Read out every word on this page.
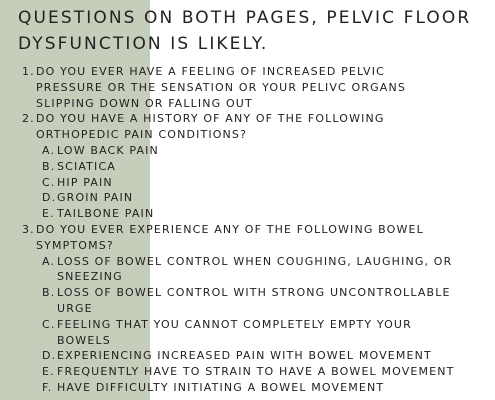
QUESTIONS ON BOTH PAGES, PELVIC FLOOR
DYSFUNCTION IS LIKELY.
1. DO YOU EVER HAVE A FEELING OF INCREASED PELVIC
PRESSURE OR THE SENSATION OR YOUR PELIVC ORGANS
SLIPPING DOWN OR FALLING OUT
2. DO YOU HAVE A HISTORY OF ANY OF THE FOLLOWING
ORTHOPEDIC PAIN CONDITIONS?
A. LOW BACK PAIN
B. SCIATICA
C. HIP PAIN
D. GROIN PAIN
E. TAILBONE PAIN
3. DO YOU EVER EXPERIENCE ANY OF THE FOLLOWING BOWEL
SYMPTOMS?
A. LOSS OF BOWEL CONTROL WHEN COUGHING, LAUGHING, OR
SNEEZING
B. LOSS OF BOWEL CONTROL WITH STRONG UNCONTROLLABLE
URGE
C. FEELING THAT YOU CANNOT COMPLETELY EMPTY YOUR
BOWELS
D. EXPERIENCING INCREASED PAIN WITH BOWEL MOVEMENT
E. FREQUENTLY HAVE TO STRAIN TO HAVE A BOWEL MOVEMENT
F. HAVE DIFFICULTY INITIATING A BOWEL MOVEMENT
